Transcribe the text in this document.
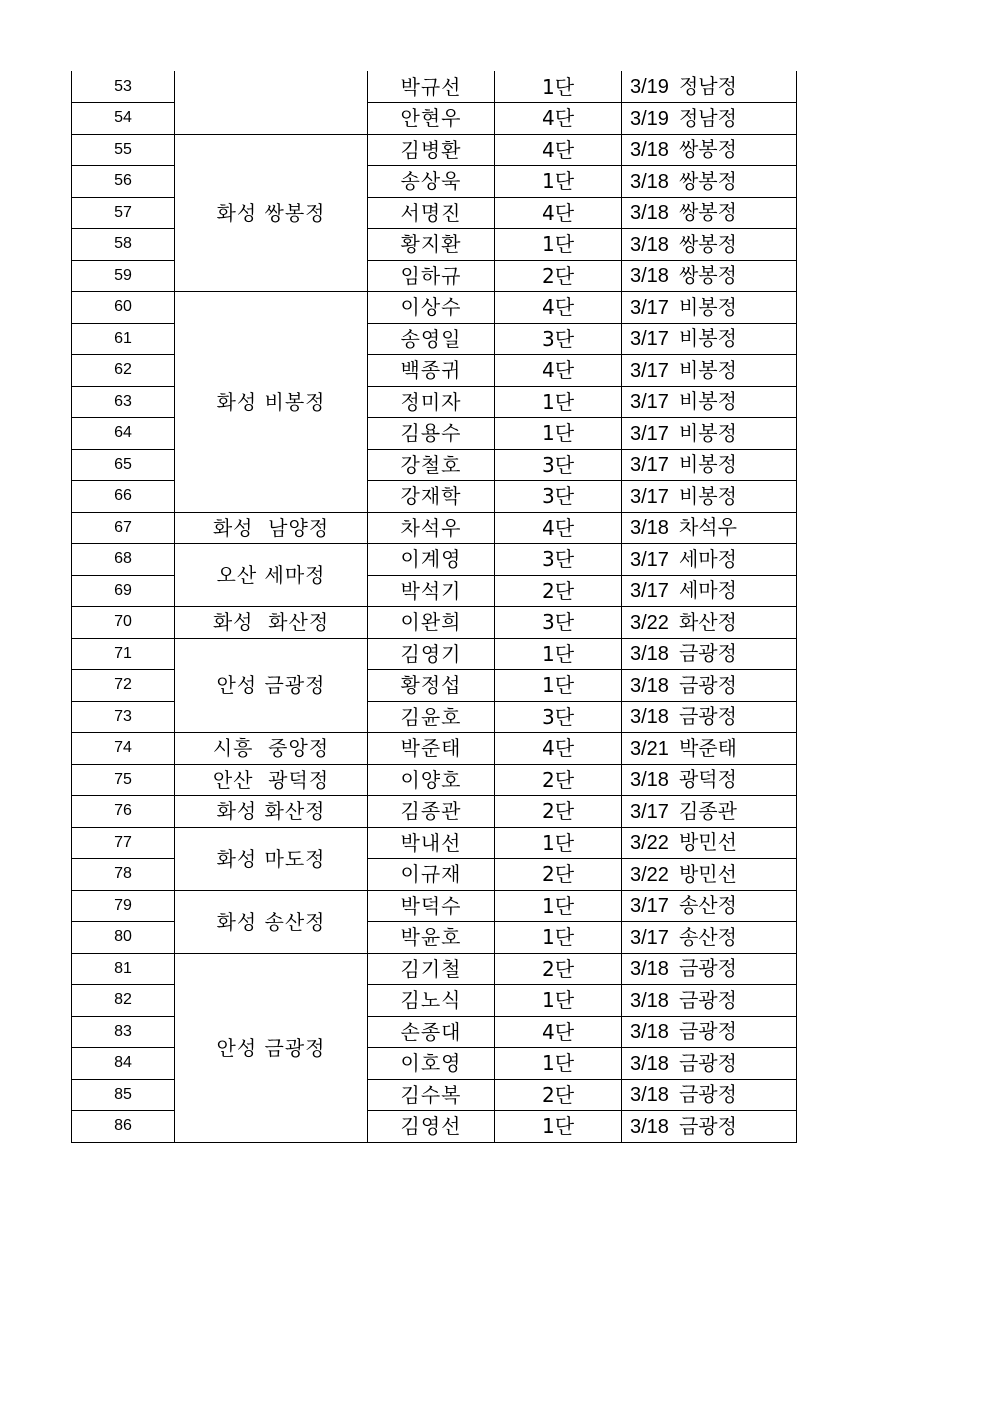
53		박규선	1단	3/19 정남정
54		안현우	4단	3/19 정남정
55	화성 쌍봉정	김병환	4단	3/18 쌍봉정
56		송상욱	1단	3/18 쌍봉정
57		서명진	4단	3/18 쌍봉정
58		황지환	1단	3/18 쌍봉정
59		임하규	2단	3/18 쌍봉정
60	화성 비봉정	이상수	4단	3/17 비봉정
61		송영일	3단	3/17 비봉정
62		백종귀	4단	3/17 비봉정
63		정미자	1단	3/17 비봉정
64		김용수	1단	3/17 비봉정
65		강철호	3단	3/17 비봉정
66		강재학	3단	3/17 비봉정
67	화성  남양정	차석우	4단	3/18 차석우
68	오산 세마정	이계영	3단	3/17 세마정
69		박석기	2단	3/17 세마정
70	화성  화산정	이완희	3단	3/22 화산정
71	안성 금광정	김영기	1단	3/18 금광정
72		황정섭	1단	3/18 금광정
73		김윤호	3단	3/18 금광정
74	시흥  중앙정	박준태	4단	3/21 박준태
75	안산  광덕정	이양호	2단	3/18 광덕정
76	화성 화산정	김종관	2단	3/17 김종관
77	화성 마도정	박내선	1단	3/22 방민선
78		이규재	2단	3/22 방민선
79	화성 송산정	박덕수	1단	3/17 송산정
80		박윤호	1단	3/17 송산정
81	안성 금광정	김기철	2단	3/18 금광정
82		김노식	1단	3/18 금광정
83		손종대	4단	3/18 금광정
84		이호영	1단	3/18 금광정
85		김수복	2단	3/18 금광정
86		김영선	1단	3/18 금광정
